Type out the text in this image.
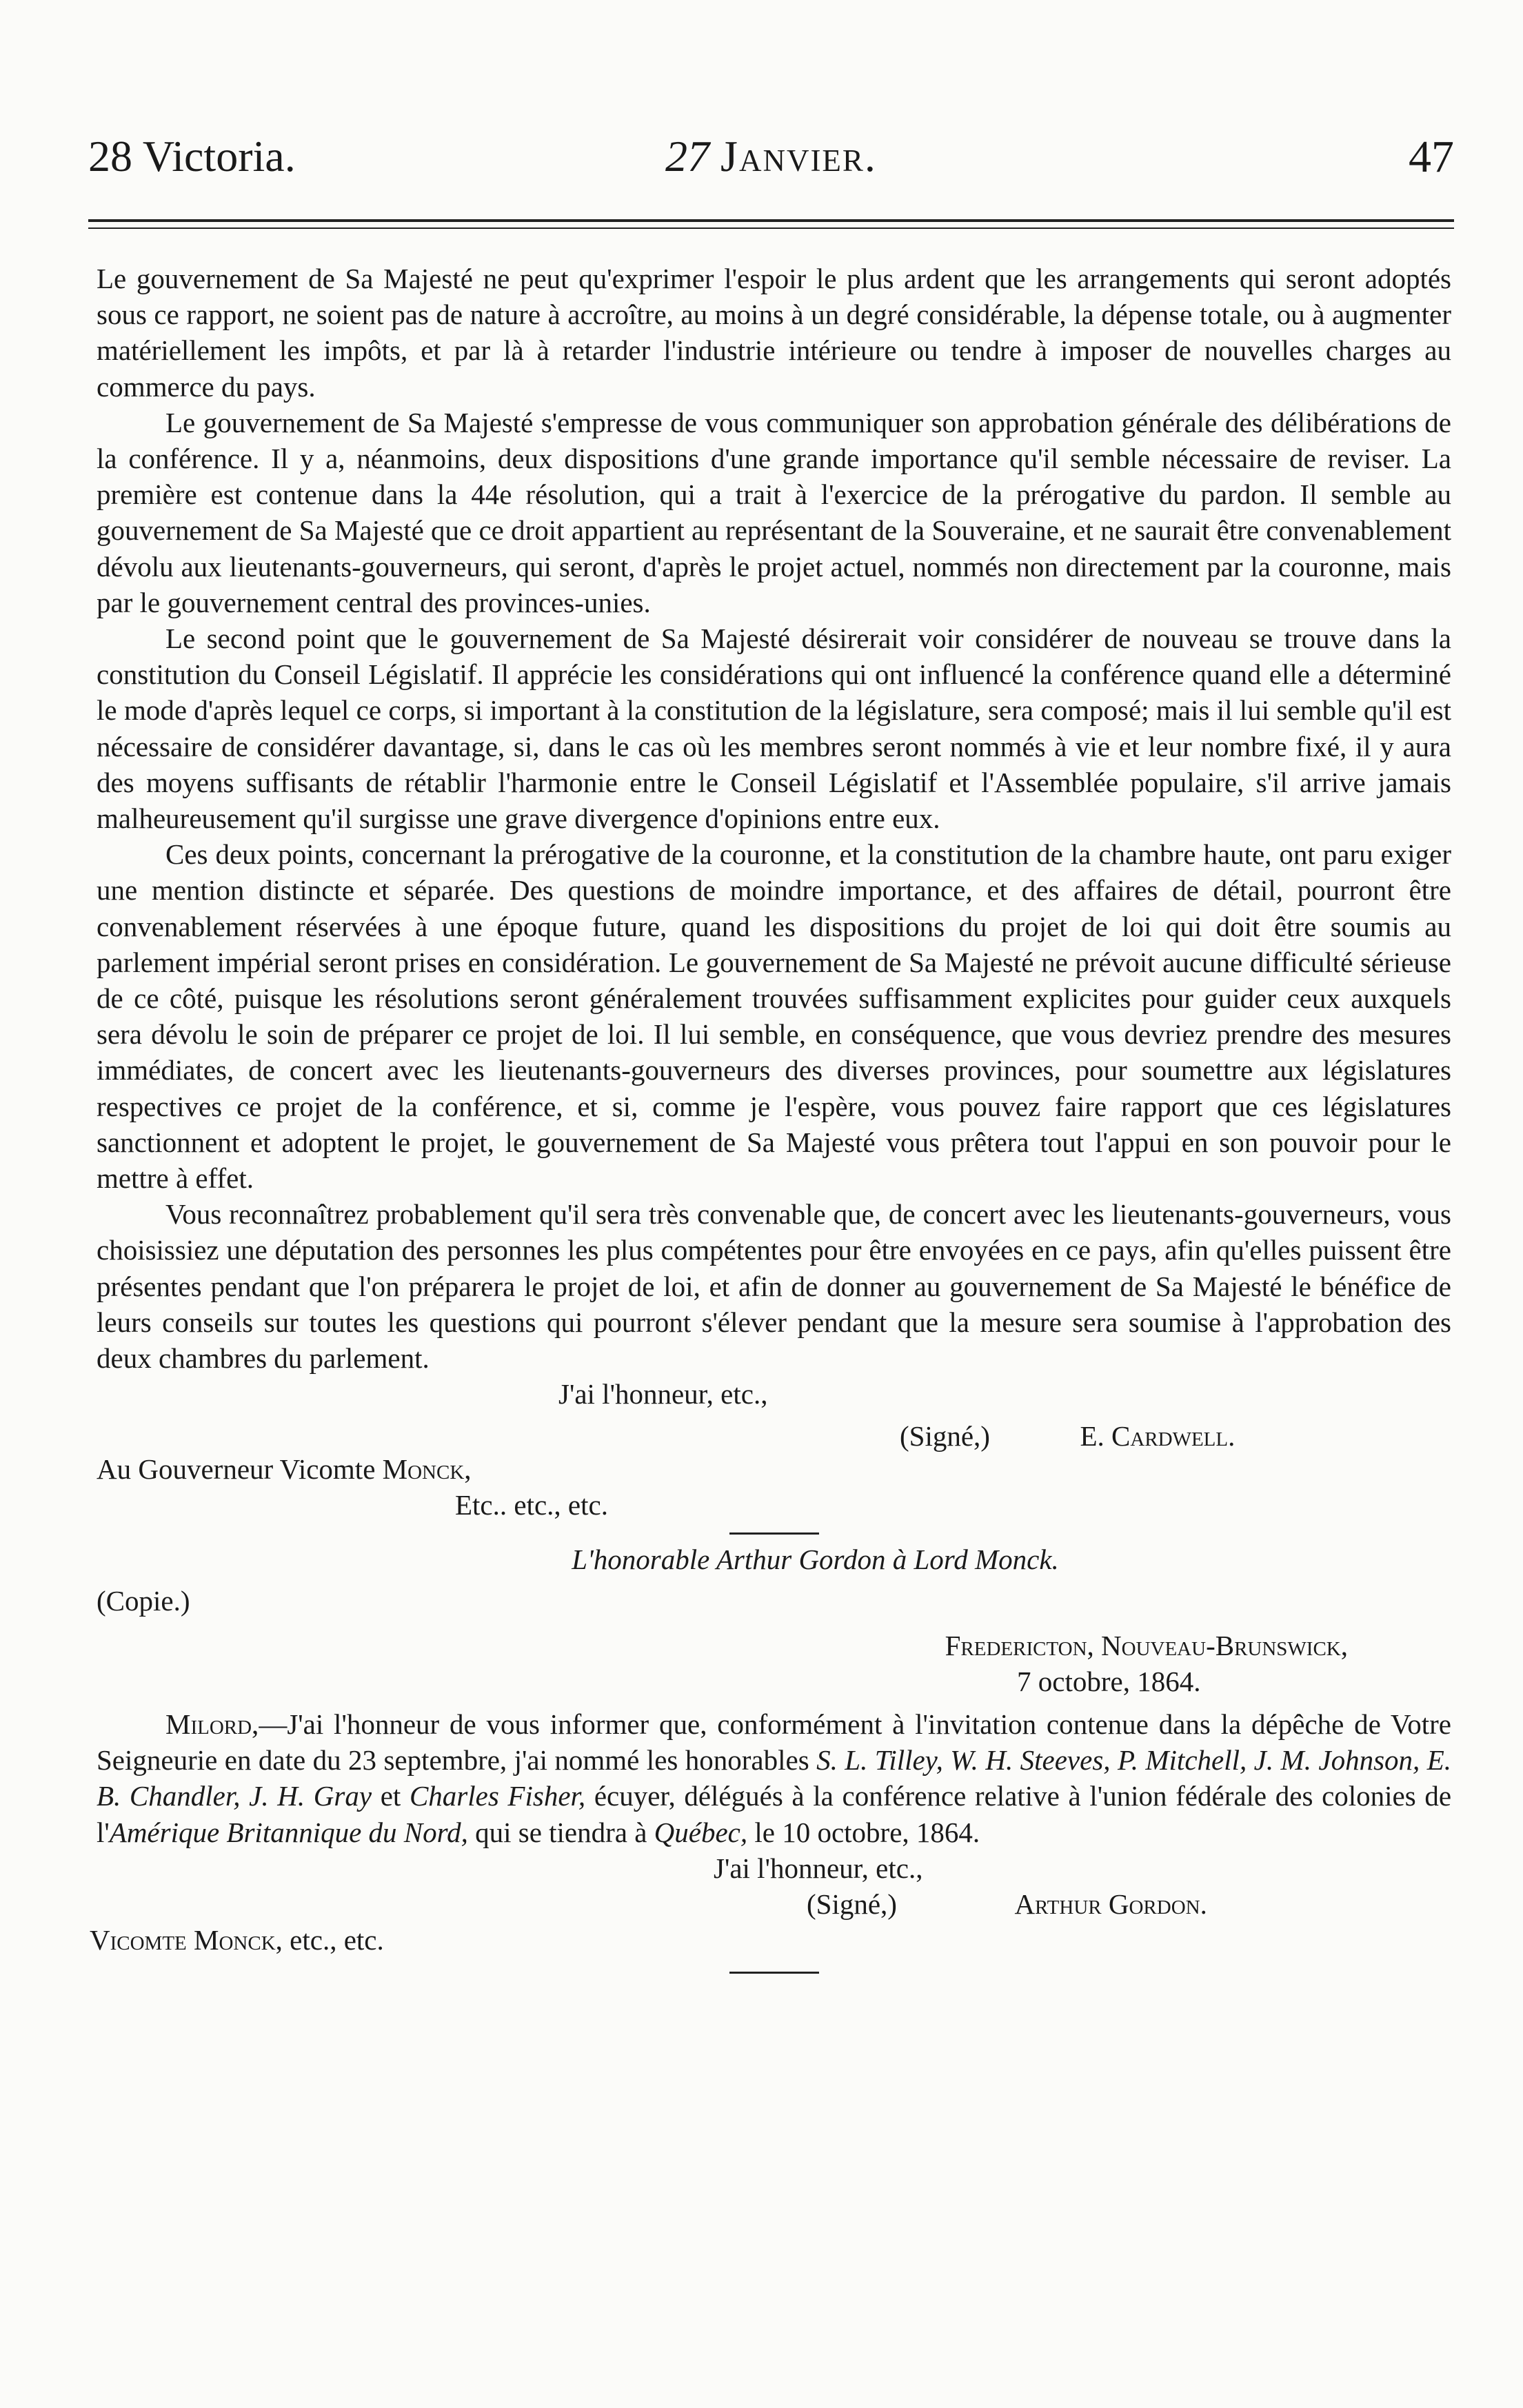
28 Victoria.	27 Janvier.	47

Le gouvernement de Sa Majesté ne peut qu'exprimer l'espoir le plus ardent que les arrangements qui seront adoptés sous ce rapport, ne soient pas de nature à accroître, au moins à un degré considérable, la dépense totale, ou à augmenter matériellement les impôts, et par là à retarder l'industrie intérieure ou tendre à imposer de nouvelles charges au commerce du pays.

Le gouvernement de Sa Majesté s'empresse de vous communiquer son approbation générale des délibérations de la conférence. Il y a, néanmoins, deux dispositions d'une grande importance qu'il semble nécessaire de reviser. La première est contenue dans la 44e résolution, qui a trait à l'exercice de la prérogative du pardon. Il semble au gouvernement de Sa Majesté que ce droit appartient au représentant de la Souveraine, et ne saurait être convenablement dévolu aux lieutenants-gouverneurs, qui seront, d'après le projet actuel, nommés non directement par la couronne, mais par le gouvernement central des provinces-unies.

Le second point que le gouvernement de Sa Majesté désirerait voir considérer de nouveau se trouve dans la constitution du Conseil Législatif. Il apprécie les considérations qui ont influencé la conférence quand elle a déterminé le mode d'après lequel ce corps, si important à la constitution de la législature, sera composé; mais il lui semble qu'il est nécessaire de considérer davantage, si, dans le cas où les membres seront nommés à vie et leur nombre fixé, il y aura des moyens suffisants de rétablir l'harmonie entre le Conseil Législatif et l'Assemblée populaire, s'il arrive jamais malheureusement qu'il surgisse une grave divergence d'opinions entre eux.

Ces deux points, concernant la prérogative de la couronne, et la constitution de la chambre haute, ont paru exiger une mention distincte et séparée. Des questions de moindre importance, et des affaires de détail, pourront être convenablement réservées à une époque future, quand les dispositions du projet de loi qui doit être soumis au parlement impérial seront prises en considération. Le gouvernement de Sa Majesté ne prévoit aucune difficulté sérieuse de ce côté, puisque les résolutions seront généralement trouvées suffisamment explicites pour guider ceux auxquels sera dévolu le soin de préparer ce projet de loi. Il lui semble, en conséquence, que vous devriez prendre des mesures immédiates, de concert avec les lieutenants-gouverneurs des diverses provinces, pour soumettre aux législatures respectives ce projet de la conférence, et si, comme je l'espère, vous pouvez faire rapport que ces législatures sanctionnent et adoptent le projet, le gouvernement de Sa Majesté vous prêtera tout l'appui en son pouvoir pour le mettre à effet.

Vous reconnaîtrez probablement qu'il sera très convenable que, de concert avec les lieutenants-gouverneurs, vous choisissiez une députation des personnes les plus compétentes pour être envoyées en ce pays, afin qu'elles puissent être présentes pendant que l'on préparera le projet de loi, et afin de donner au gouvernement de Sa Majesté le bénéfice de leurs conseils sur toutes les questions qui pourront s'élever pendant que la mesure sera soumise à l'approbation des deux chambres du parlement.

J'ai l'honneur, etc.,
(Signé,)	E. Cardwell.
Au Gouverneur Vicomte Monck,
Etc.. etc., etc.
L'honorable Arthur Gordon à Lord Monck.
(Copie.)
Fredericton, Nouveau-Brunswick,
7 octobre, 1864.

Milord,—J'ai l'honneur de vous informer que, conformément à l'invitation contenue dans la dépêche de Votre Seigneurie en date du 23 septembre, j'ai nommé les honorables S. L. Tilley, W. H. Steeves, P. Mitchell, J. M. Johnson, E. B. Chandler, J. H. Gray et Charles Fisher, écuyer, délégués à la conférence relative à l'union fédérale des colonies de l'Amérique Britannique du Nord, qui se tiendra à Québec, le 10 octobre, 1864.

J'ai l'honneur, etc.,
(Signé,)	Arthur Gordon.
Vicomte Monck, etc., etc.
